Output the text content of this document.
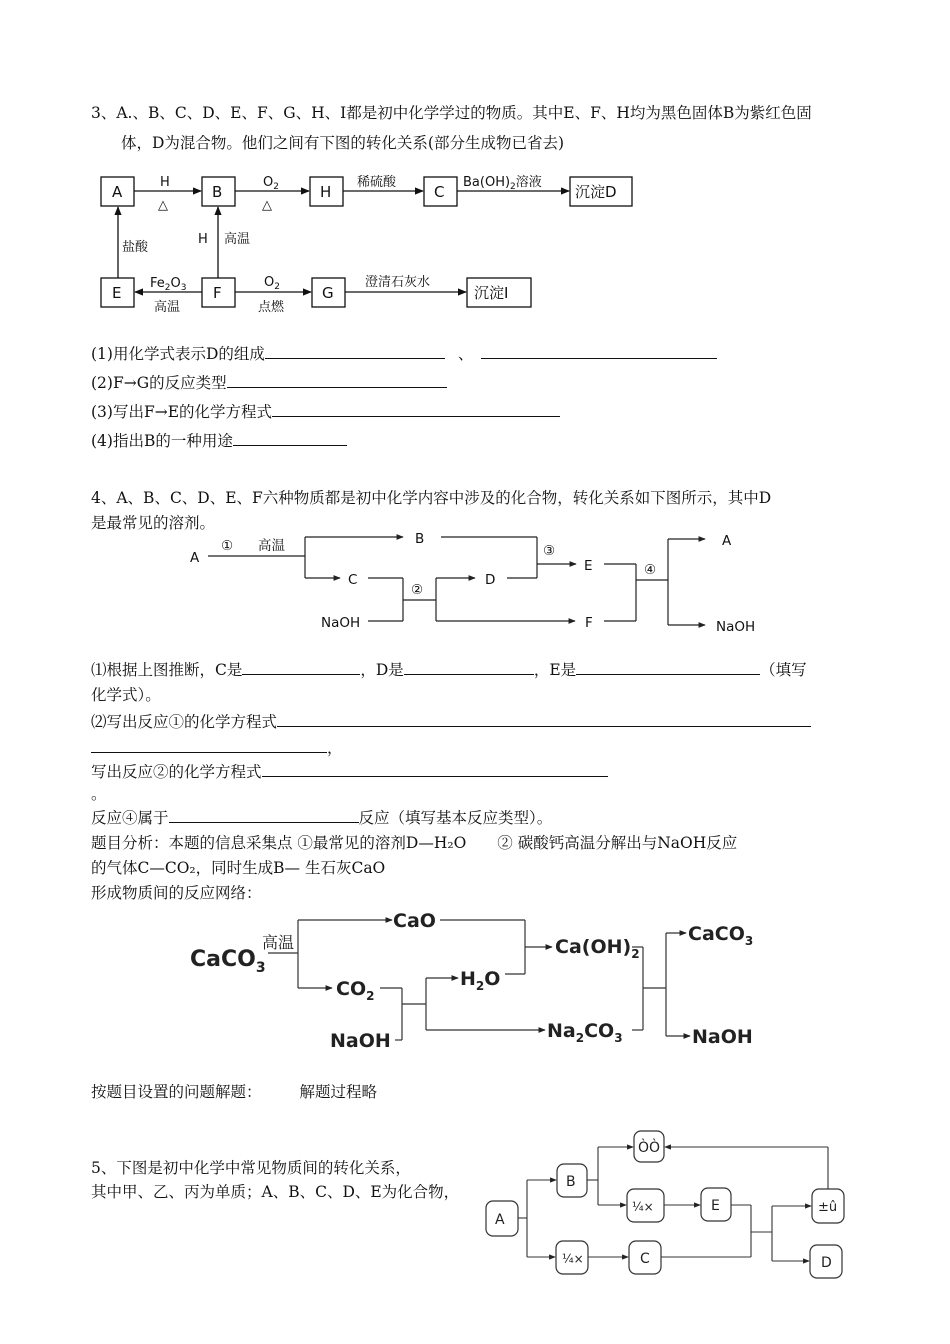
3、A.、B、C、D、E、F、G、H、I都是初中化学学过的物质。其中E、F、H均为黑色固体B为紫红色固
体，D为混合物。他们之间有下图的转化关系(部分生成物已省去)
A	B	H	C	沉淀D
E	F	G	沉淀I
H
△
$O_2$
△
稀硫酸	$Ba(OH)_2$溶液
盐酸
H 高温
$Fe_2O_3$
高温
$O_2$
点燃
澄清石灰水
(1)用化学式表示D的组成	、
(2)F→G的反应类型
(3)写出F→E的化学方程式
(4)指出B的一种用途
4、A、B、C、D、E、F六种物质都是初中化学内容中涉及的化合物，转化关系如下图所示，其中D
是最常见的溶剂。
A
① 高温	B
C
NaOH
②
D
③
E
F
④
A
NaOH
⑴根据上图推断，C是	，D是	，E是	（填写
化学式）。
⑵写出反应①的化学方程式
，
写出反应②的化学方程式
。
反应④属于	反应（填写基本反应类型）。
题目分析：本题的信息采集点 ①最常见的溶剂D—H₂O　　② 碳酸钙高温分解出与NaOH反应
的气体C—CO₂，同时生成B— 生石灰CaO
形成物质间的反应网络：
CaCO$_3$
高温
CaO
$CO_2$
$H_2O$
$Ca(OH)_2$
NaOH	$Na_2CO_3$
CaCO$_3$
NaOH
按题目设置的问题解题： 解题过程略
5、下图是初中化学中常见物质间的转化关系，
其中甲、乙、丙为单质；A、B、C、D、E为化合物，
A
B
ÒÒ
¼×	E	±û
¼×	C	D
